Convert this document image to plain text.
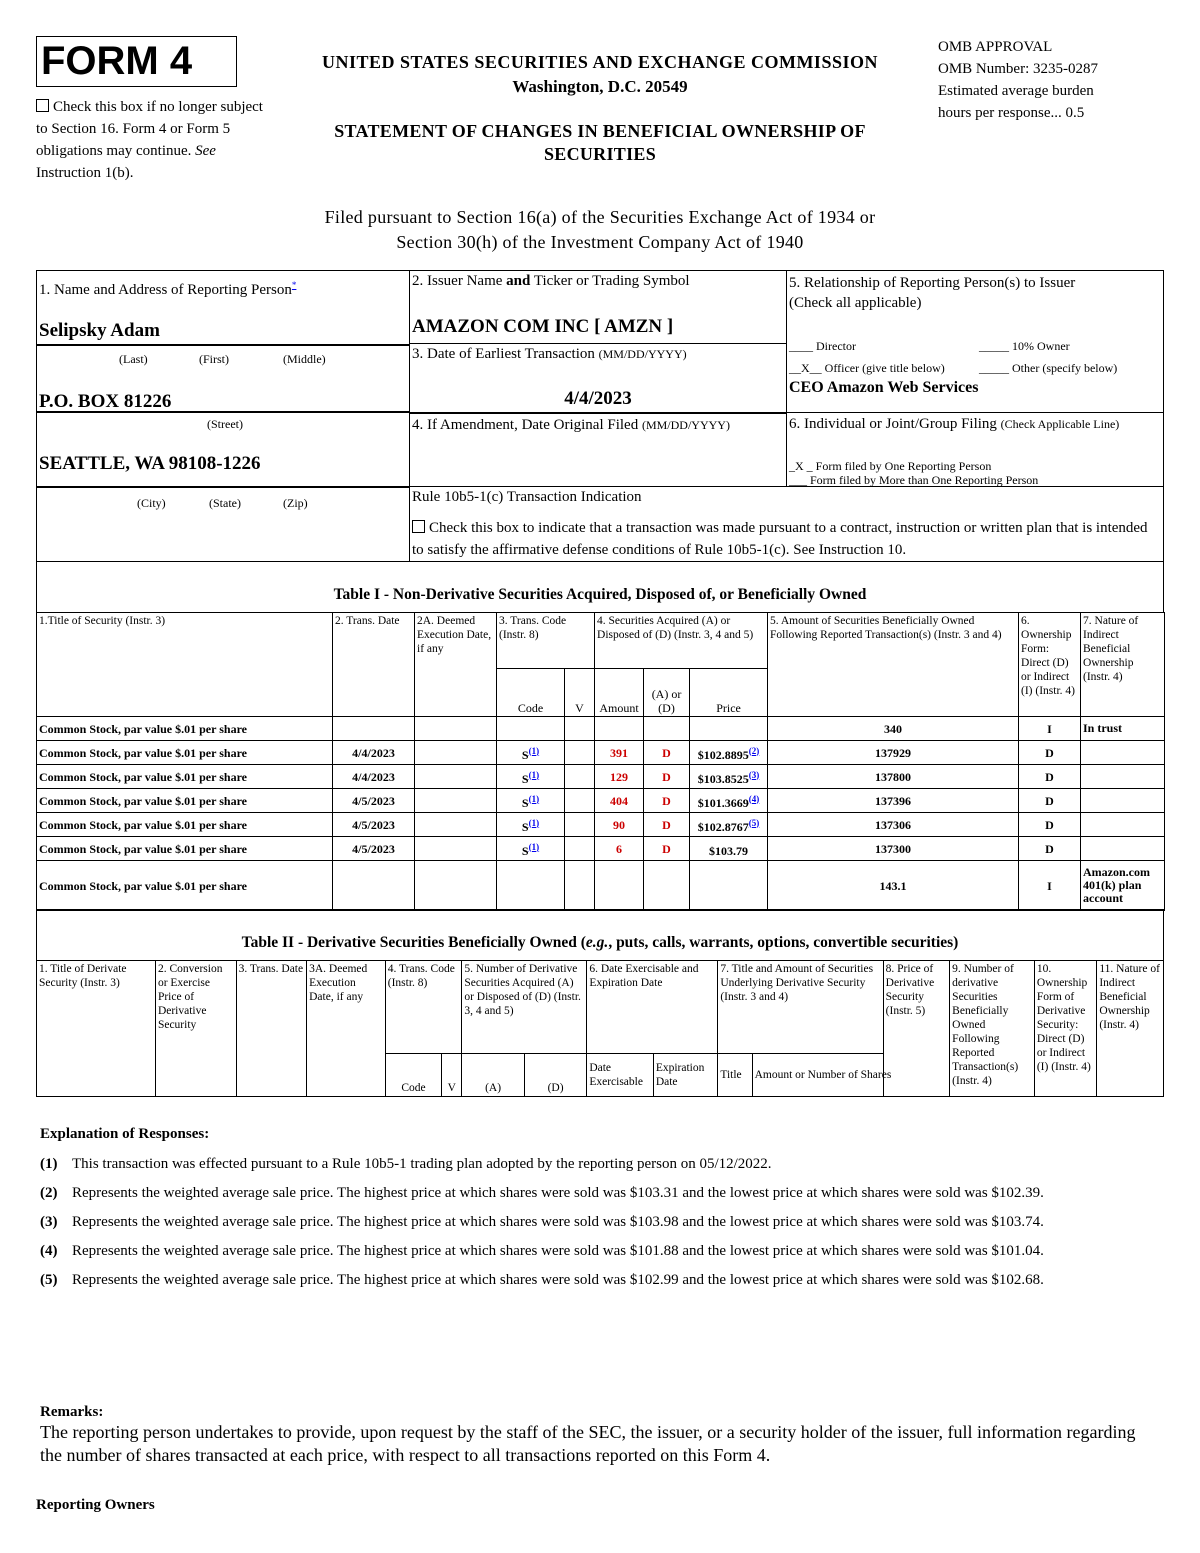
FORM 4
Check this box if no longer subject to Section 16. Form 4 or Form 5 obligations may continue. See Instruction 1(b).
UNITED STATES SECURITIES AND EXCHANGE COMMISSION
Washington, D.C. 20549
STATEMENT OF CHANGES IN BENEFICIAL OWNERSHIP OF SECURITIES
OMB APPROVAL
OMB Number: 3235-0287
Estimated average burden
hours per response... 0.5
Filed pursuant to Section 16(a) of the Securities Exchange Act of 1934 or
Section 30(h) of the Investment Company Act of 1940
1. Name and Address of Reporting Person*
Selipsky Adam
(Last)	(First)	(Middle)
P.O. BOX 81226
(Street)
SEATTLE, WA 98108-1226
(City)	(State)	(Zip)
2. Issuer Name and Ticker or Trading Symbol
AMAZON COM INC [ AMZN ]
3. Date of Earliest Transaction (MM/DD/YYYY)
4/4/2023
4. If Amendment, Date Original Filed (MM/DD/YYYY)
5. Relationship of Reporting Person(s) to Issuer
(Check all applicable)
____ Director	_____ 10% Owner
__X__ Officer (give title below)	_____ Other (specify below)
CEO Amazon Web Services
6. Individual or Joint/Group Filing (Check Applicable Line)
_X _ Form filed by One Reporting Person
___ Form filed by More than One Reporting Person
Rule 10b5-1(c) Transaction Indication
Check this box to indicate that a transaction was made pursuant to a contract, instruction or written plan that is intended to satisfy the affirmative defense conditions of Rule 10b5-1(c). See Instruction 10.
Table I - Non-Derivative Securities Acquired, Disposed of, or Beneficially Owned
1.Title of Security (Instr. 3)	2. Trans. Date	2A. Deemed Execution Date, if any	3. Trans. Code (Instr. 8)		4. Securities Acquired (A) or Disposed of (D) (Instr. 3, 4 and 5)			5. Amount of Securities Beneficially Owned Following Reported Transaction(s) (Instr. 3 and 4)	6. Ownership Form: Direct (D) or Indirect (I) (Instr. 4)	7. Nature of Indirect Beneficial Ownership (Instr. 4)
			Code	V	Amount	(A) or (D)	Price			
Common Stock, par value $.01 per share								340	I	In trust
Common Stock, par value $.01 per share	4/4/2023		$S^{(1)}$		391	D	$102.8895$^{(2)}$	137929	D	
Common Stock, par value $.01 per share	4/4/2023		$S^{(1)}$		129	D	$103.8525$^{(3)}$	137800	D	
Common Stock, par value $.01 per share	4/5/2023		$S^{(1)}$		404	D	$101.3669$^{(4)}$	137396	D	
Common Stock, par value $.01 per share	4/5/2023		$S^{(1)}$		90	D	$102.8767$^{(5)}$	137306	D	
Common Stock, par value $.01 per share	4/5/2023		$S^{(1)}$		6	D	$103.79	137300	D	
Common Stock, par value $.01 per share								143.1	I	Amazon.com 401(k) plan account
Table II - Derivative Securities Beneficially Owned (e.g., puts, calls, warrants, options, convertible securities)
1. Title of Derivate Security (Instr. 3)	2. Conversion or Exercise Price of Derivative Security	3. Trans. Date	3A. Deemed Execution Date, if any	4. Trans. Code (Instr. 8)		5. Number of Derivative Securities Acquired (A) or Disposed of (D) (Instr. 3, 4 and 5)		6. Date Exercisable and Expiration Date		7. Title and Amount of Securities Underlying Derivative Security (Instr. 3 and 4)		8. Price of Derivative Security (Instr. 5)	9. Number of derivative Securities Beneficially Owned Following Reported Transaction(s) (Instr. 4)	10. Ownership Form of Derivative Security: Direct (D) or Indirect (I) (Instr. 4)	11. Nature of Indirect Beneficial Ownership (Instr. 4)
				Code	V	(A)	(D)	Date Exercisable	Expiration Date	Title	Amount or Number of Shares				
Explanation of Responses:
(1) This transaction was effected pursuant to a Rule 10b5-1 trading plan adopted by the reporting person on 05/12/2022.
(2) Represents the weighted average sale price. The highest price at which shares were sold was $103.31 and the lowest price at which shares were sold was $102.39.
(3) Represents the weighted average sale price. The highest price at which shares were sold was $103.98 and the lowest price at which shares were sold was $103.74.
(4) Represents the weighted average sale price. The highest price at which shares were sold was $101.88 and the lowest price at which shares were sold was $101.04.
(5) Represents the weighted average sale price. The highest price at which shares were sold was $102.99 and the lowest price at which shares were sold was $102.68.
Remarks:
The reporting person undertakes to provide, upon request by the staff of the SEC, the issuer, or a security holder of the issuer, full information regarding the number of shares transacted at each price, with respect to all transactions reported on this Form 4.
Reporting Owners
